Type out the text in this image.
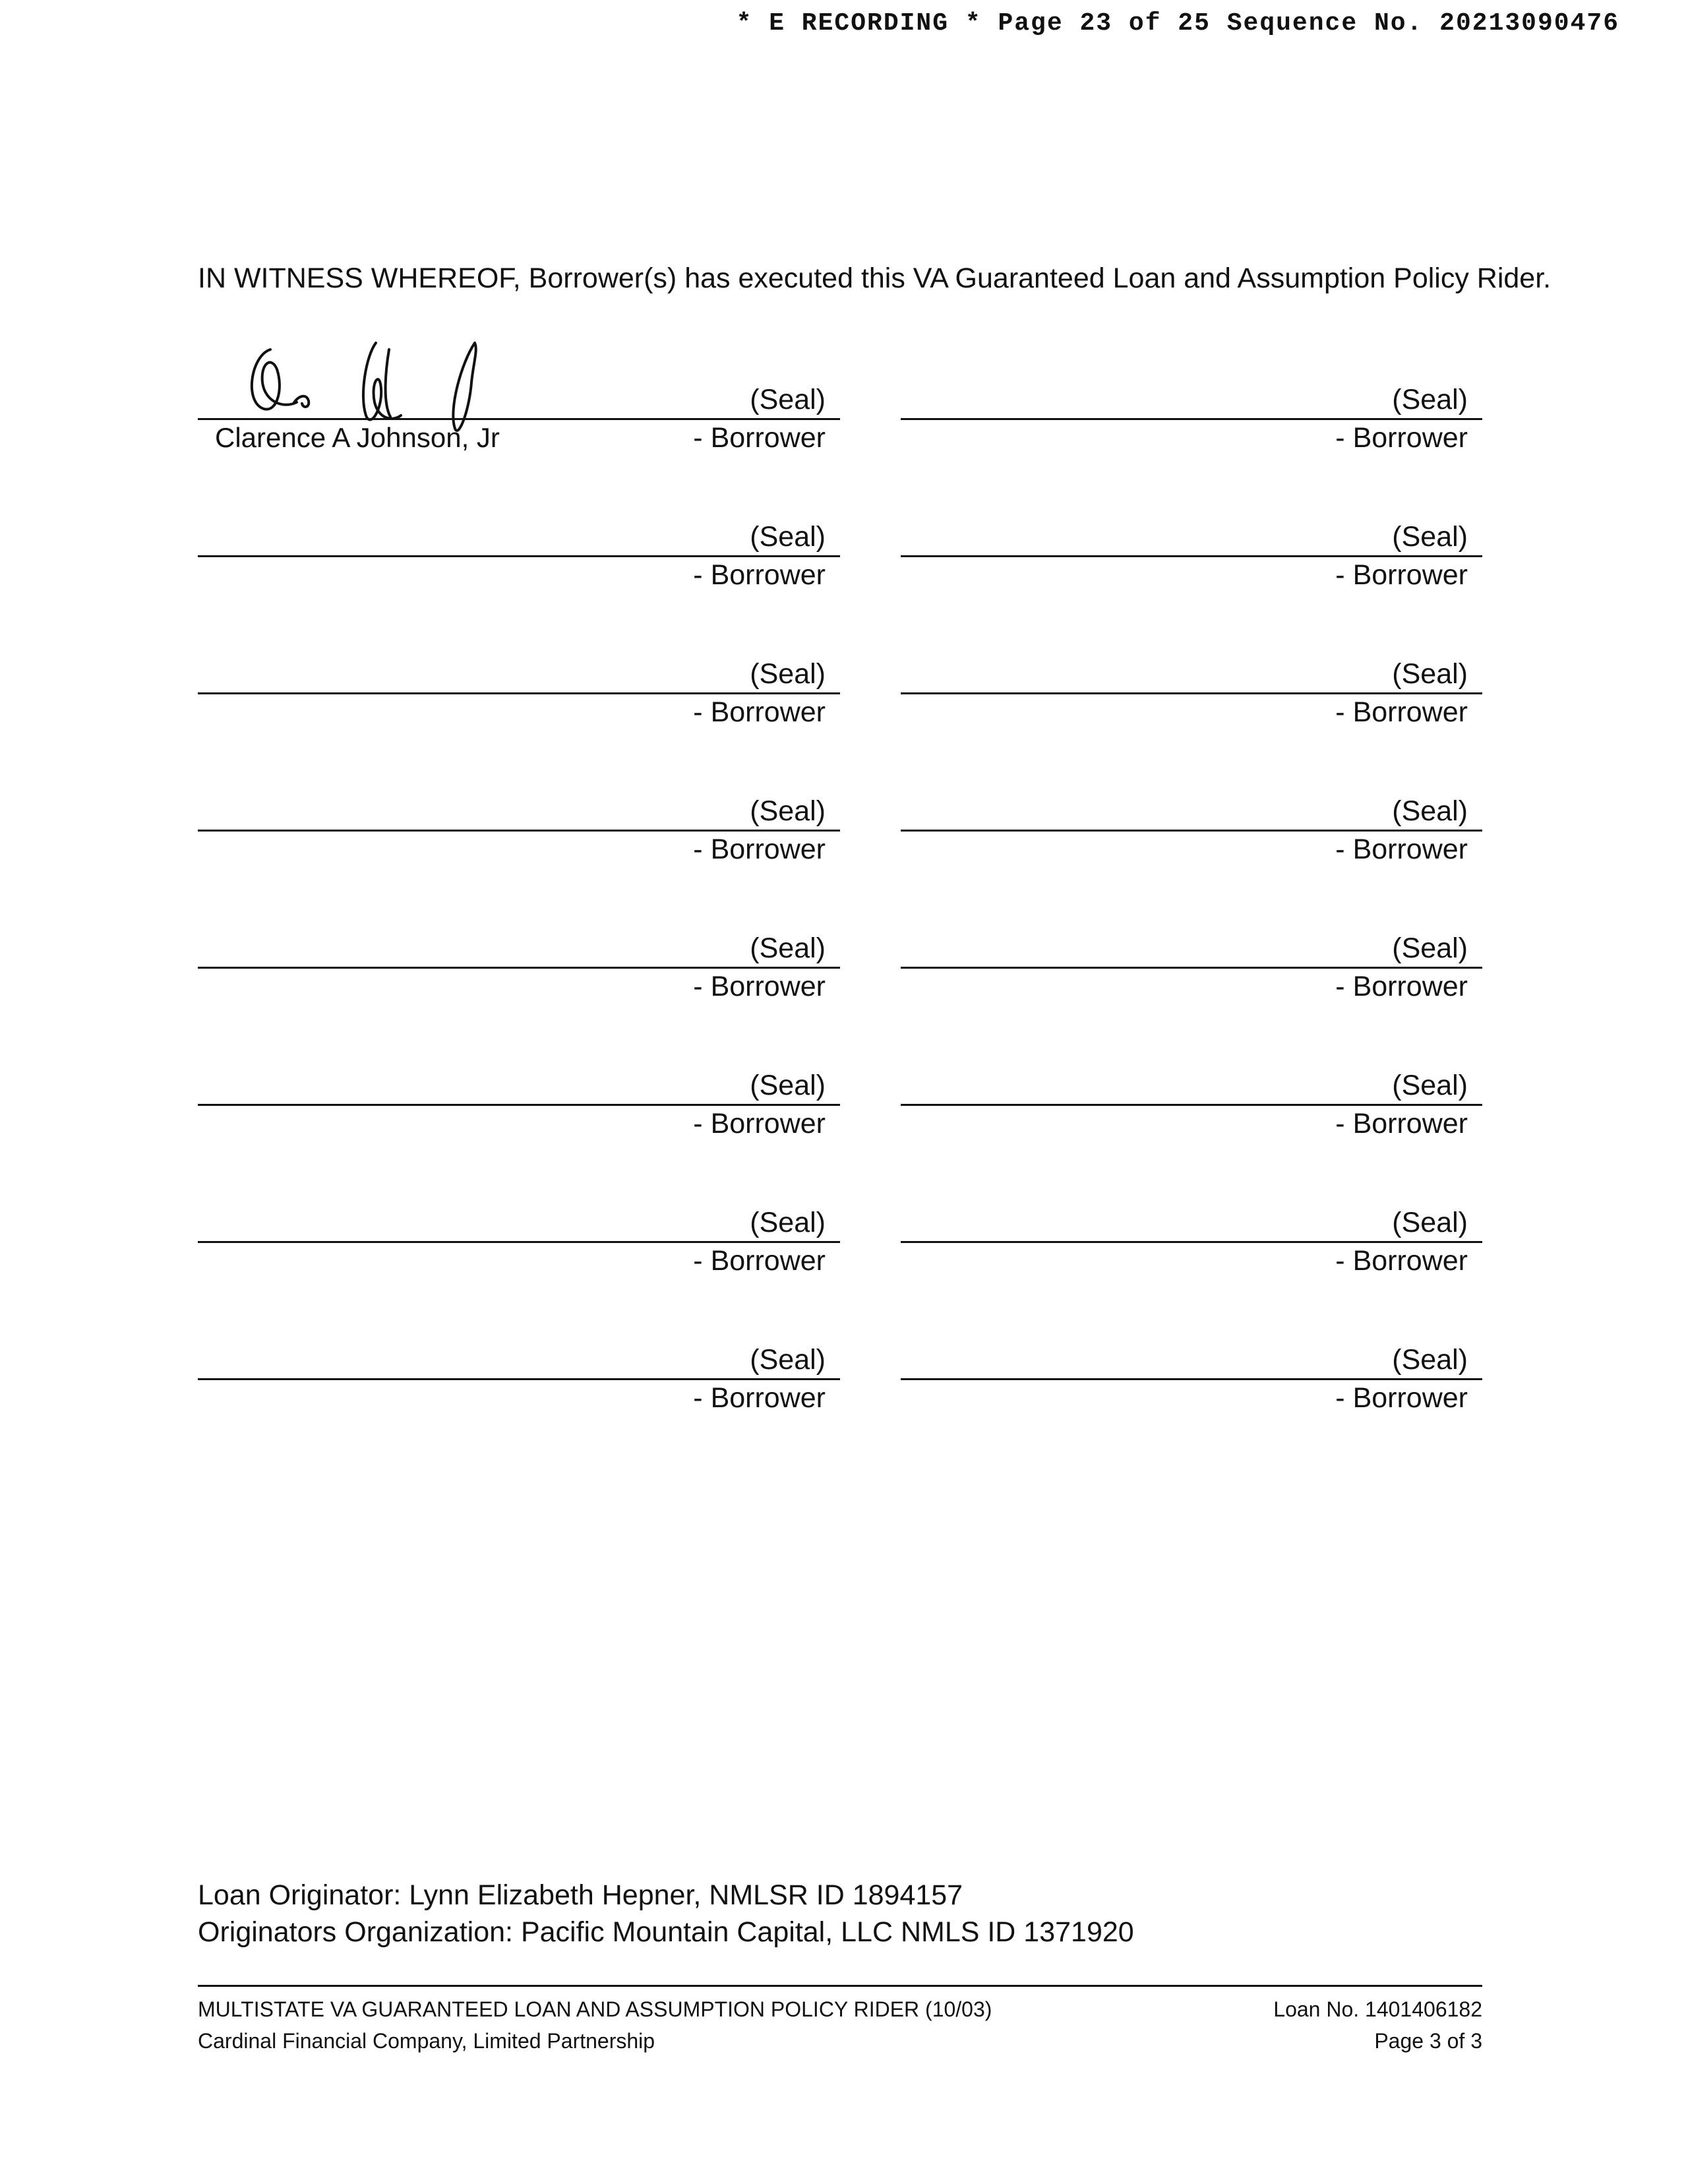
* E RECORDING * Page 23 of 25 Sequence No. 20213090476
IN WITNESS WHEREOF, Borrower(s) has executed this VA Guaranteed Loan and Assumption Policy Rider.
(Seal)
Clarence A Johnson, Jr	- Borrower
(Seal)
- Borrower
(Seal)
- Borrower
(Seal)
- Borrower
(Seal)
- Borrower
(Seal)
- Borrower
(Seal)
- Borrower
(Seal)
- Borrower
(Seal)
- Borrower
(Seal)
- Borrower
(Seal)
- Borrower
(Seal)
- Borrower
(Seal)
- Borrower
(Seal)
- Borrower
(Seal)
- Borrower
(Seal)
- Borrower
Loan Originator: Lynn Elizabeth Hepner, NMLSR ID 1894157
Originators Organization: Pacific Mountain Capital, LLC NMLS ID 1371920
MULTISTATE VA GUARANTEED LOAN AND ASSUMPTION POLICY RIDER (10/03)
Cardinal Financial Company, Limited Partnership
Loan No. 1401406182
Page 3 of 3
